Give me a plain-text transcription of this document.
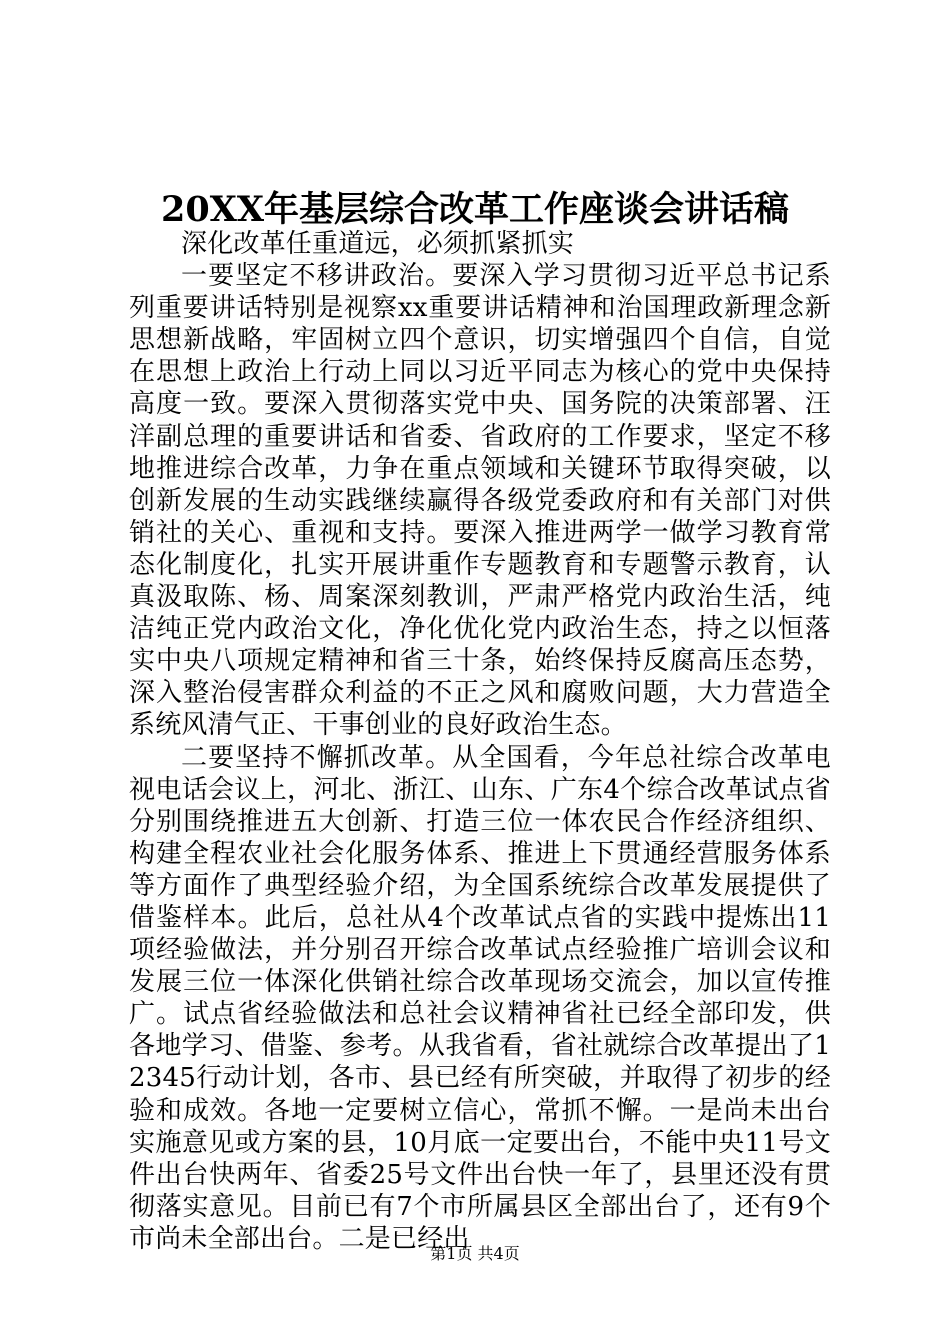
20XX年基层综合改革工作座谈会讲话稿

深化改革任重道远，必须抓紧抓实

一要坚定不移讲政治。要深入学习贯彻习近平总书记系列重要讲话特别是视察xx重要讲话精神和治国理政新理念新思想新战略，牢固树立四个意识，切实增强四个自信，自觉在思想上政治上行动上同以习近平同志为核心的党中央保持高度一致。要深入贯彻落实党中央、国务院的决策部署、汪洋副总理的重要讲话和省委、省政府的工作要求，坚定不移地推进综合改革，力争在重点领域和关键环节取得突破，以创新发展的生动实践继续赢得各级党委政府和有关部门对供销社的关心、重视和支持。要深入推进两学一做学习教育常态化制度化，扎实开展讲重作专题教育和专题警示教育，认真汲取陈、杨、周案深刻教训，严肃严格党内政治生活，纯洁纯正党内政治文化，净化优化党内政治生态，持之以恒落实中央八项规定精神和省三十条，始终保持反腐高压态势，深入整治侵害群众利益的不正之风和腐败问题，大力营造全系统风清气正、干事创业的良好政治生态。

二要坚持不懈抓改革。从全国看，今年总社综合改革电视电话会议上，河北、浙江、山东、广东4个综合改革试点省分别围绕推进五大创新、打造三位一体农民合作经济组织、构建全程农业社会化服务体系、推进上下贯通经营服务体系等方面作了典型经验介绍，为全国系统综合改革发展提供了借鉴样本。此后，总社从4个改革试点省的实践中提炼出11项经验做法，并分别召开综合改革试点经验推广培训会议和发展三位一体深化供销社综合改革现场交流会，加以宣传推广。试点省经验做法和总社会议精神省社已经全部印发，供各地学习、借鉴、参考。从我省看，省社就综合改革提出了12345行动计划，各市、县已经有所突破，并取得了初步的经验和成效。各地一定要树立信心，常抓不懈。一是尚未出台实施意见或方案的县，10月底一定要出台，不能中央11号文件出台快两年、省委25号文件出台快一年了，县里还没有贯彻落实意见。目前已有7个市所属县区全部出台了，还有9个市尚未全部出台。二是已经出

第1页 共4页
